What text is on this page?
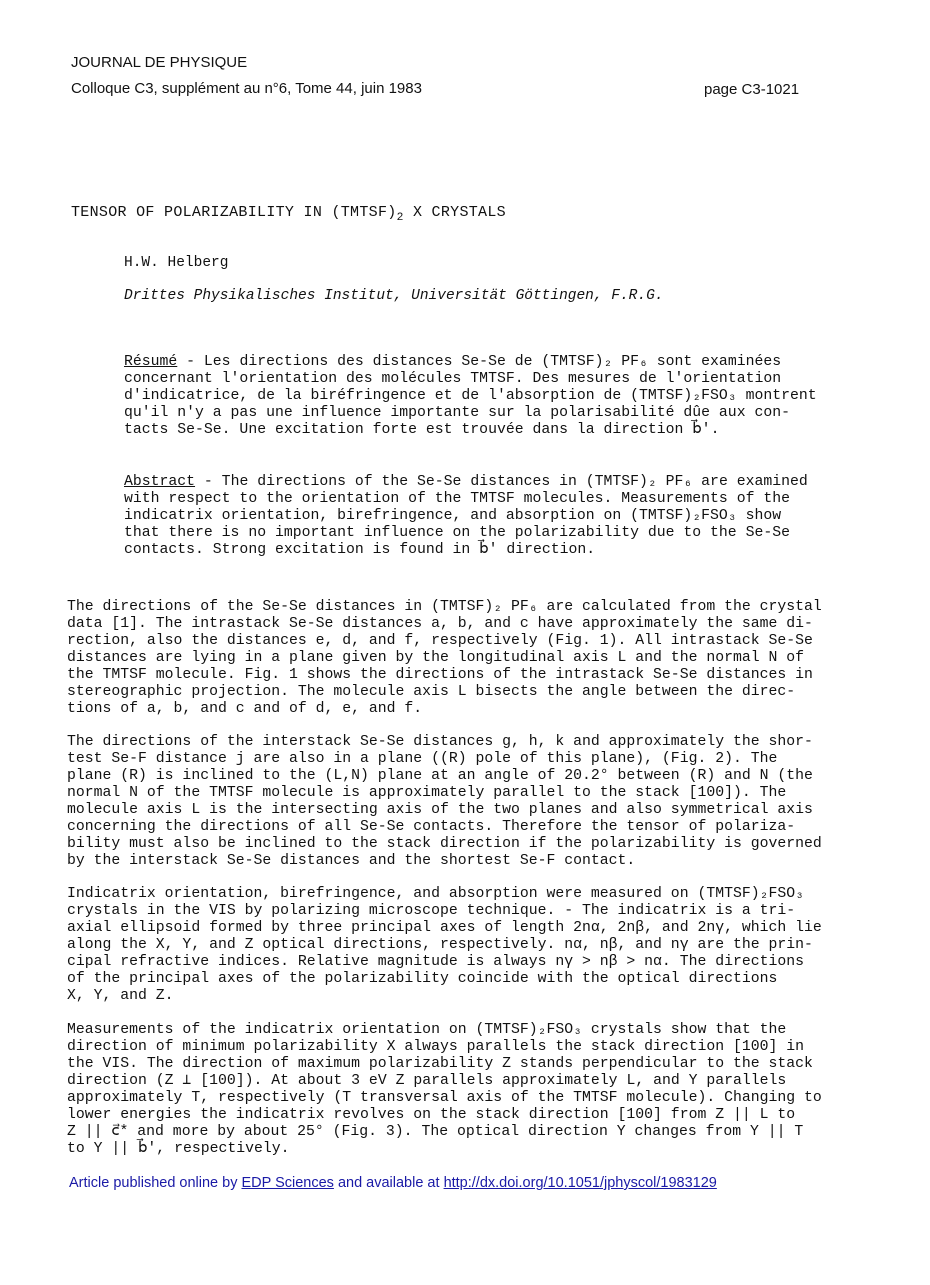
JOURNAL DE PHYSIQUE
Colloque C3, supplément au n°6, Tome 44, juin 1983	page C3-1021
TENSOR OF POLARIZABILITY IN $(TMTSF)_2$ X CRYSTALS
H.W. Helberg
Drittes Physikalisches Institut, Universität Göttingen, F.R.G.
Résumé - Les directions des distances Se-Se de (TMTSF)₂ PF₆ sont examinées
concernant l'orientation des molécules TMTSF. Des mesures de l'orientation
d'indicatrice, de la biréfringence et de l'absorption de (TMTSF)₂FSO₃ montrent
qu'il n'y a pas une influence importante sur la polarisabilité dûe aux con-
tacts Se-Se. Une excitation forte est trouvée dans la direction b⃗'.
Abstract - The directions of the Se-Se distances in (TMTSF)₂ PF₆ are examined
with respect to the orientation of the TMTSF molecules. Measurements of the
indicatrix orientation, birefringence, and absorption on (TMTSF)₂FSO₃ show
that there is no important influence on the polarizability due to the Se-Se
contacts. Strong excitation is found in b⃗' direction.
The directions of the Se-Se distances in (TMTSF)₂ PF₆ are calculated from the crystal
data [1]. The intrastack Se-Se distances a, b, and c have approximately the same di-
rection, also the distances e, d, and f, respectively (Fig. 1). All intrastack Se-Se
distances are lying in a plane given by the longitudinal axis L and the normal N of
the TMTSF molecule. Fig. 1 shows the directions of the intrastack Se-Se distances in
stereographic projection. The molecule axis L bisects the angle between the direc-
tions of a, b, and c and of d, e, and f.
The directions of the interstack Se-Se distances g, h, k and approximately the shor-
test Se-F distance j are also in a plane ((R) pole of this plane), (Fig. 2). The
plane (R) is inclined to the (L,N) plane at an angle of 20.2° between (R) and N (the
normal N of the TMTSF molecule is approximately parallel to the stack [100]). The
molecule axis L is the intersecting axis of the two planes and also symmetrical axis
concerning the directions of all Se-Se contacts. Therefore the tensor of polariza-
bility must also be inclined to the stack direction if the polarizability is governed
by the interstack Se-Se distances and the shortest Se-F contact.
Indicatrix orientation, birefringence, and absorption were measured on (TMTSF)₂FSO₃
crystals in the VIS by polarizing microscope technique. - The indicatrix is a tri-
axial ellipsoid formed by three principal axes of length 2nα, 2nβ, and 2nγ, which lie
along the X, Y, and Z optical directions, respectively. nα, nβ, and nγ are the prin-
cipal refractive indices. Relative magnitude is always nγ > nβ > nα. The directions
of the principal axes of the polarizability coincide with the optical directions
X, Y, and Z.
Measurements of the indicatrix orientation on (TMTSF)₂FSO₃ crystals show that the
direction of minimum polarizability X always parallels the stack direction [100] in
the VIS. The direction of maximum polarizability Z stands perpendicular to the stack
direction (Z ⊥ [100]). At about 3 eV Z parallels approximately L, and Y parallels
approximately T, respectively (T transversal axis of the TMTSF molecule). Changing to
lower energies the indicatrix revolves on the stack direction [100] from Z || L to
Z || c⃗* and more by about 25° (Fig. 3). The optical direction Y changes from Y || T
to Y || b⃗', respectively.
Article published online by EDP Sciences and available at http://dx.doi.org/10.1051/jphyscol/1983129
